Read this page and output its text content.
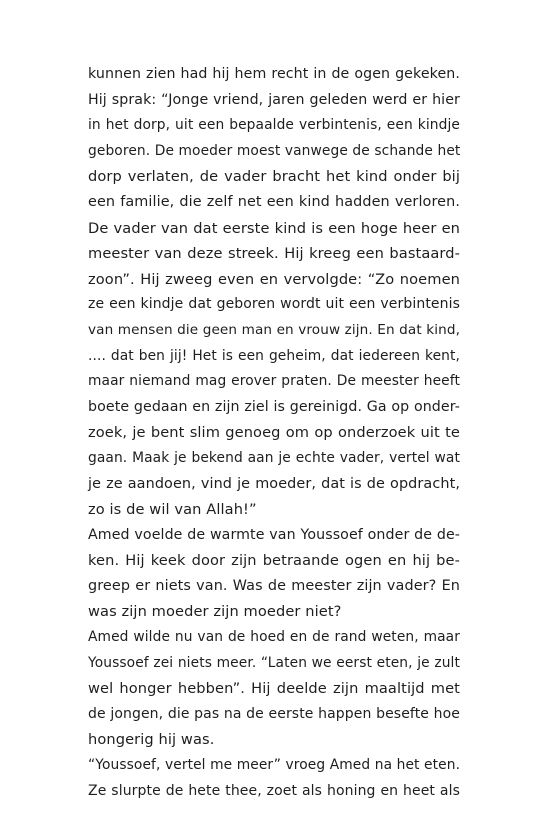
kunnen zien had hij hem recht in de ogen gekeken.
Hij sprak: “Jonge vriend, jaren geleden werd er hier
in het dorp, uit een bepaalde verbintenis, een kindje
geboren. De moeder moest vanwege de schande het
dorp verlaten, de vader bracht het kind onder bij
een familie, die zelf net een kind hadden verloren.
De vader van dat eerste kind is een hoge heer en
meester van deze streek. Hij kreeg een bastaard-
zoon”. Hij zweeg even en vervolgde: “Zo noemen
ze een kindje dat geboren wordt uit een verbintenis
van mensen die geen man en vrouw zijn. En dat kind,
.... dat ben jij! Het is een geheim, dat iedereen kent,
maar niemand mag erover praten. De meester heeft
boete gedaan en zijn ziel is gereinigd. Ga op onder-
zoek, je bent slim genoeg om op onderzoek uit te
gaan. Maak je bekend aan je echte vader, vertel wat
je ze aandoen, vind je moeder, dat is de opdracht,
zo is de wil van Allah!”
Amed voelde de warmte van Youssoef onder de de-
ken. Hij keek door zijn betraande ogen en hij be-
greep er niets van. Was de meester zijn vader? En
was zijn moeder zijn moeder niet?
Amed wilde nu van de hoed en de rand weten, maar
Youssoef zei niets meer. “Laten we eerst eten, je zult
wel honger hebben”. Hij deelde zijn maaltijd met
de jongen, die pas na de eerste happen besefte hoe
hongerig hij was.
“Youssoef, vertel me meer” vroeg Amed na het eten.
Ze slurpte de hete thee, zoet als honing en heet als
